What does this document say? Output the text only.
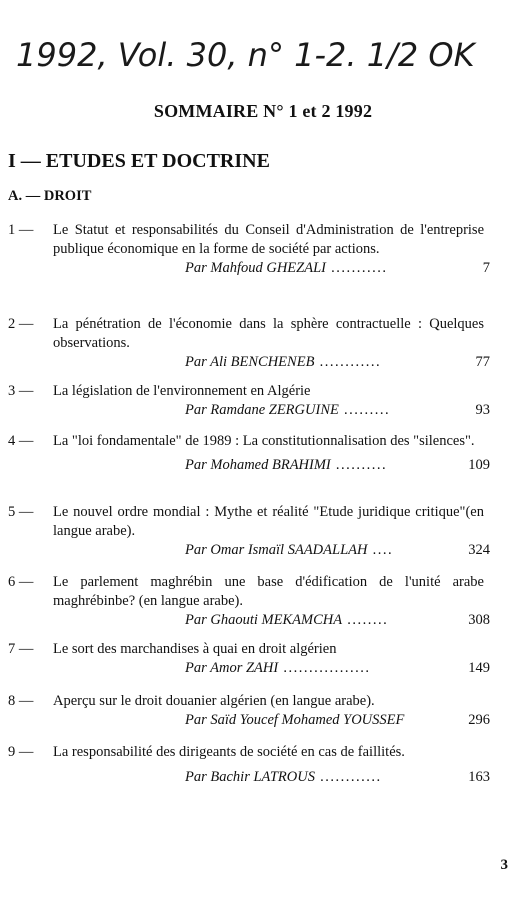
1992, Vol. 30, n° 1-2. 1/2 OK
SOMMAIRE N° 1 et 2 1992
I — ETUDES ET DOCTRINE
A. — DROIT
1 —	Le Statut et responsabilités du Conseil d'Administration de l'entreprise publique économique en la forme de société par actions.
Par Mahfoud GHEZALI ...........	7
2 —	La pénétration de l'économie dans la sphère contractuelle : Quelques observations.
Par Ali BENCHENEB ............	77
3 —	La législation de l'environnement en Algérie
Par Ramdane ZERGUINE .........	93
4 —	La "loi fondamentale" de 1989 : La constitutionnalisation des "silences".
Par Mohamed BRAHIMI ..........	109
5 —	Le nouvel ordre mondial : Mythe et réalité "Etude juridique critique"(en langue arabe).
Par Omar Ismaïl SAADALLAH ....	324
6 —	Le parlement maghrébin une base d'édification de l'unité arabe maghrébinbe? (en langue arabe).
Par Ghaouti MEKAMCHA ........	308
7 —	Le sort des marchandises à quai en droit algérien
Par Amor ZAHI .................	149
8 —	Aperçu sur le droit douanier algérien (en langue arabe).
Par Saïd Youcef Mohamed YOUSSEF	296
9 —	La responsabilité des dirigeants de société en cas de faillités.
Par Bachir LATROUS ............	163
3
